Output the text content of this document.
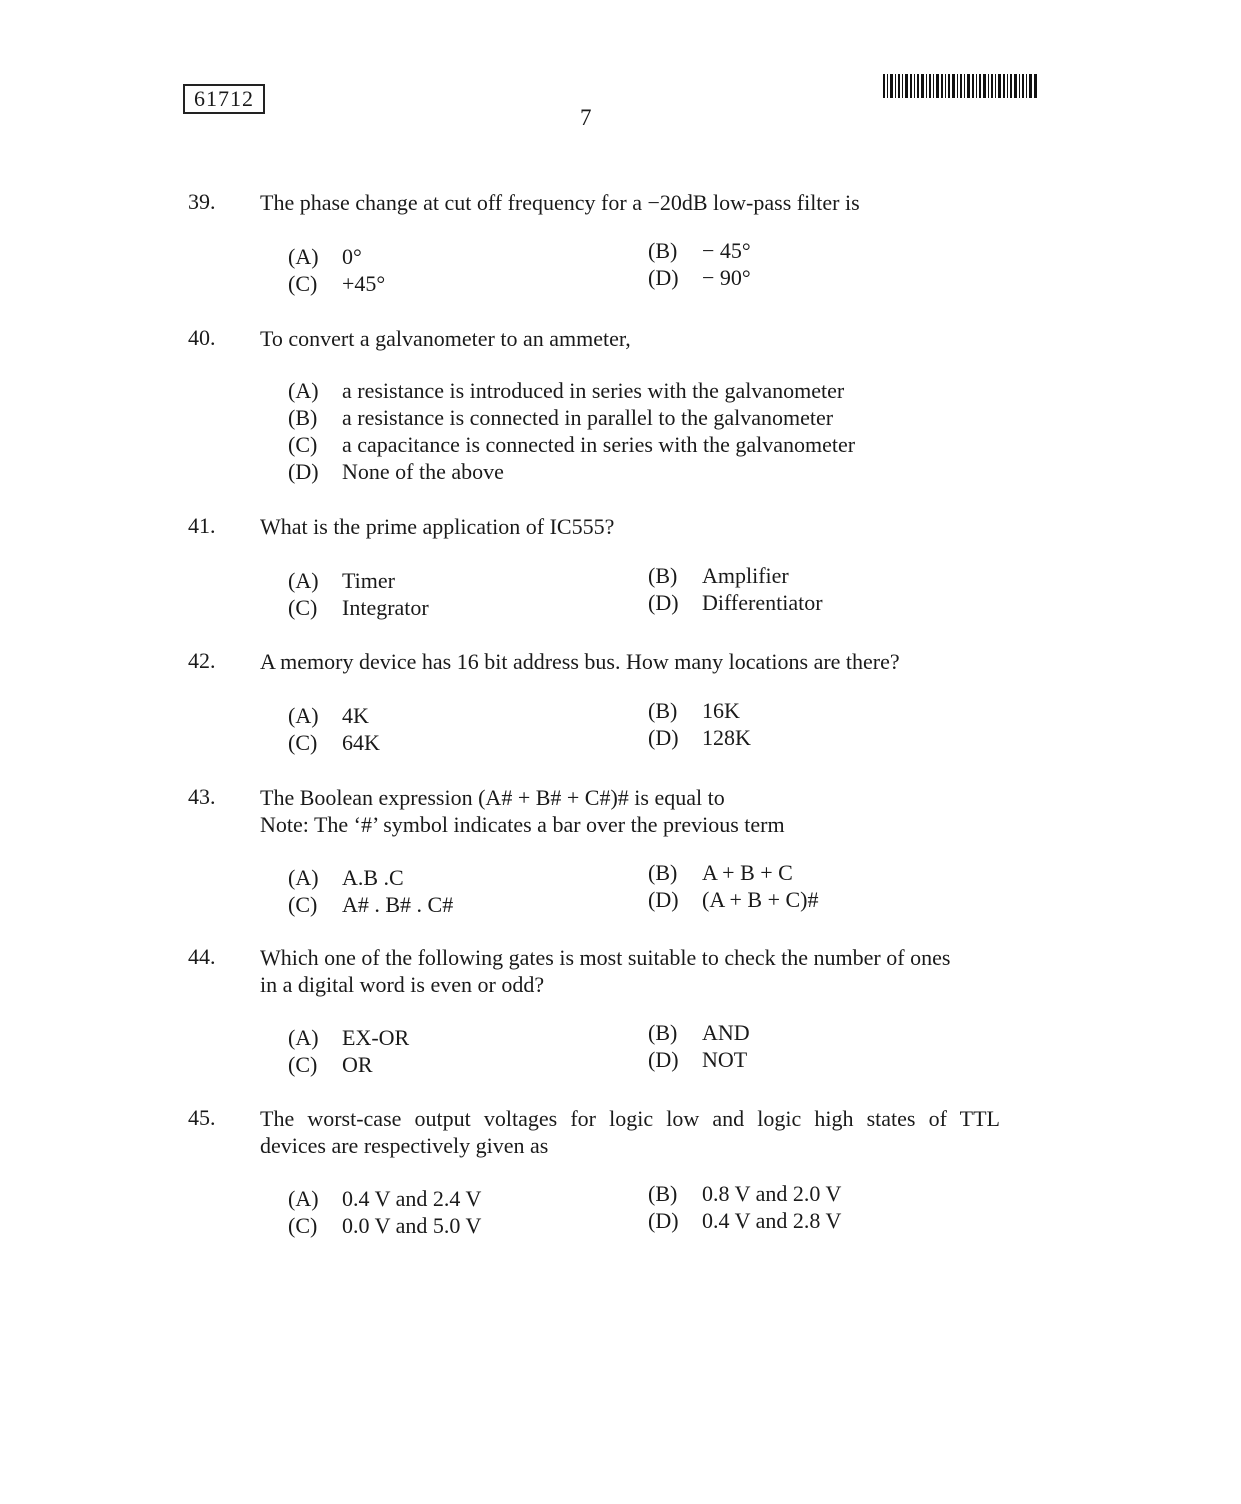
61712
7
39. The phase change at cut off frequency for a −20dB low-pass filter is
(A) 0°	(B) − 45°
(C) +45°	(D) − 90°
40. To convert a galvanometer to an ammeter,
(A) a resistance is introduced in series with the galvanometer
(B) a resistance is connected in parallel to the galvanometer
(C) a capacitance is connected in series with the galvanometer
(D) None of the above
41. What is the prime application of IC555?
(A) Timer	(B) Amplifier
(C) Integrator	(D) Differentiator
42. A memory device has 16 bit address bus. How many locations are there?
(A) 4K	(B) 16K
(C) 64K	(D) 128K
43. The Boolean expression (A# + B# + C#)# is equal to
Note: The ‘#’ symbol indicates a bar over the previous term
(A) A.B .C	(B) A + B + C
(C) A# . B# . C#	(D) (A + B + C)#
44. Which one of the following gates is most suitable to check the number of ones
in a digital word is even or odd?
(A) EX-OR	(B) AND
(C) OR	(D) NOT
45. The worst-case output voltages for logic low and logic high states of TTL
devices are respectively given as
(A) 0.4 V and 2.4 V	(B) 0.8 V and 2.0 V
(C) 0.0 V and 5.0 V	(D) 0.4 V and 2.8 V
